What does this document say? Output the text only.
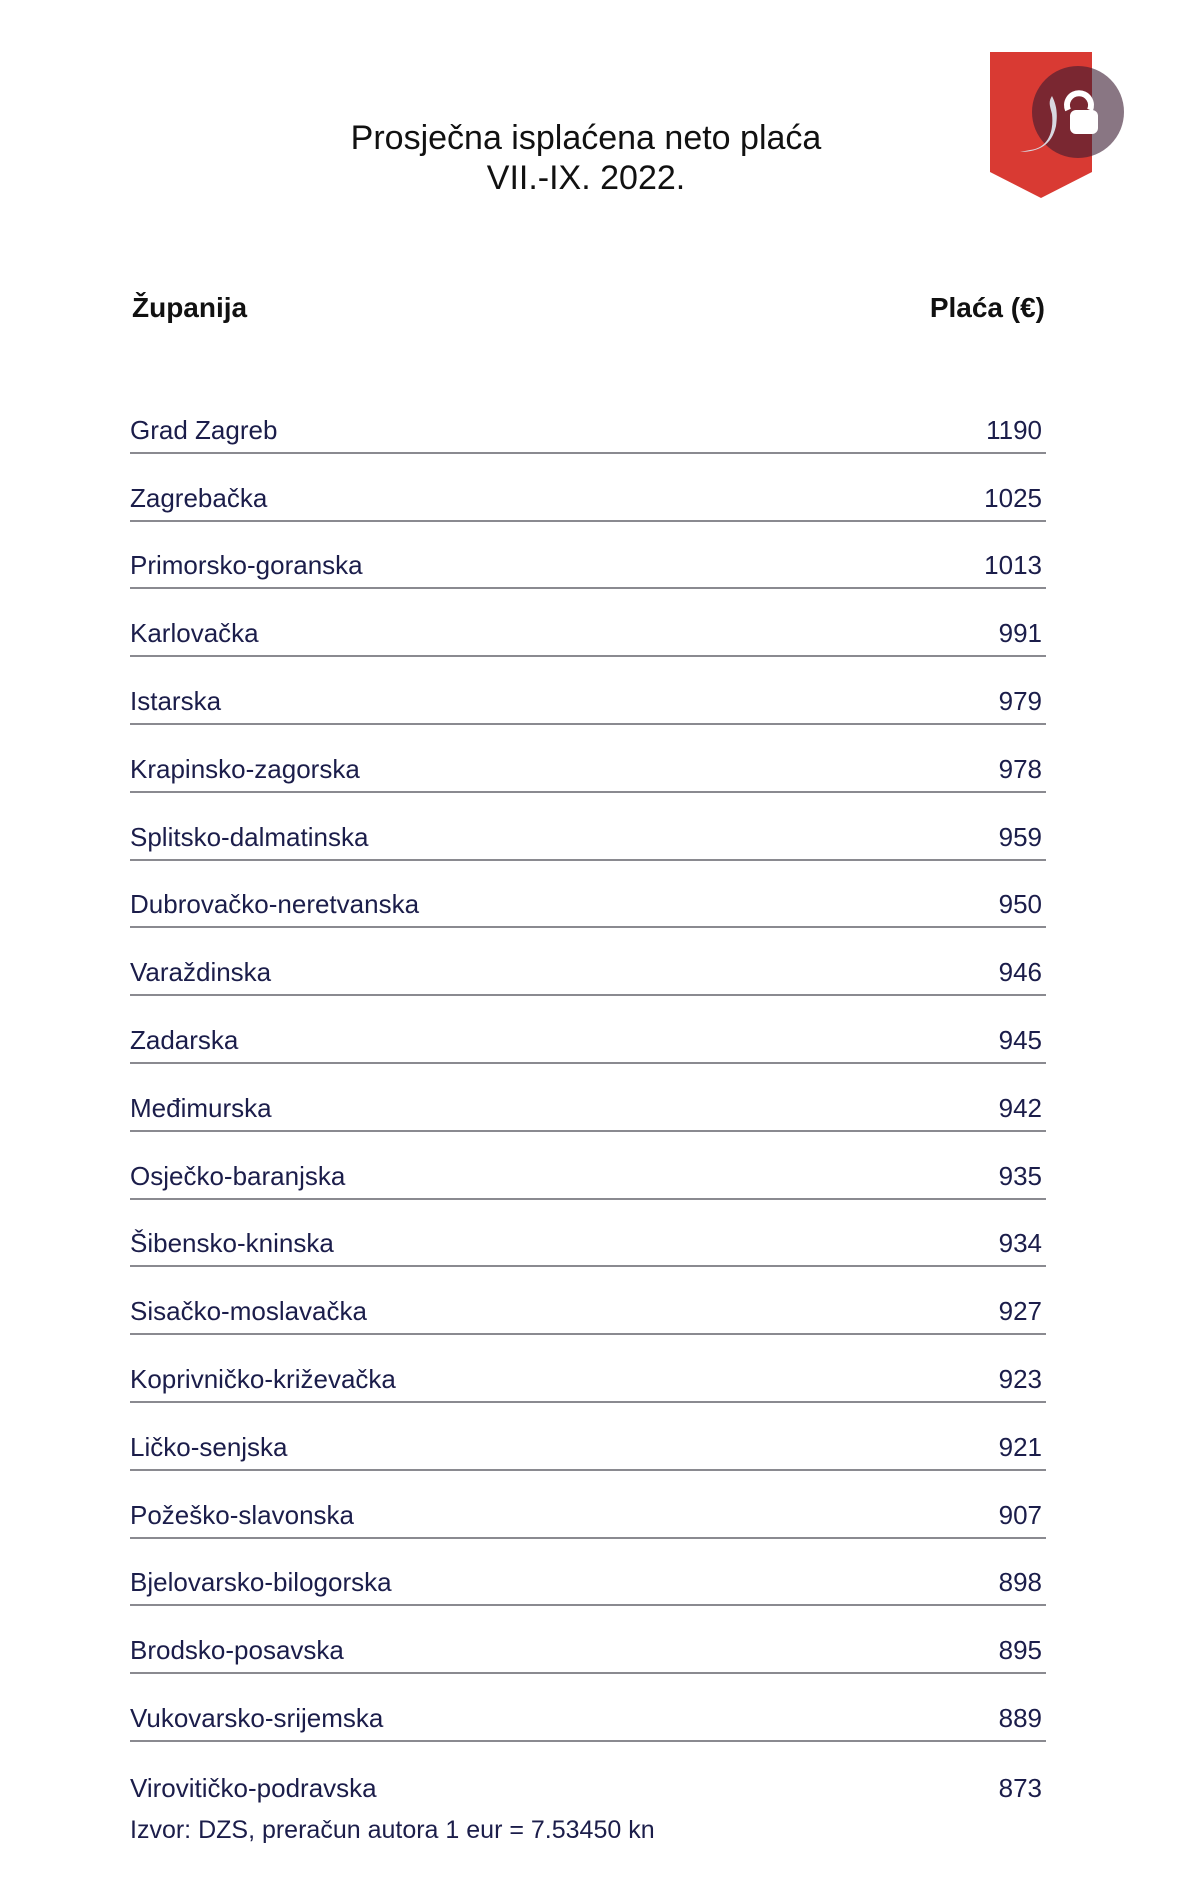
Prosječna isplaćena neto plaća
VII.-IX. 2022.
Županija	Plaća (€)
Grad Zagreb	1190
Zagrebačka	1025
Primorsko-goranska	1013
Karlovačka	991
Istarska	979
Krapinsko-zagorska	978
Splitsko-dalmatinska	959
Dubrovačko-neretvanska	950
Varaždinska	946
Zadarska	945
Međimurska	942
Osječko-baranjska	935
Šibensko-kninska	934
Sisačko-moslavačka	927
Koprivničko-križevačka	923
Ličko-senjska	921
Požeško-slavonska	907
Bjelovarsko-bilogorska	898
Brodsko-posavska	895
Vukovarsko-srijemska	889
Virovitičko-podravska	873
Izvor: DZS, preračun autora 1 eur = 7.53450 kn
